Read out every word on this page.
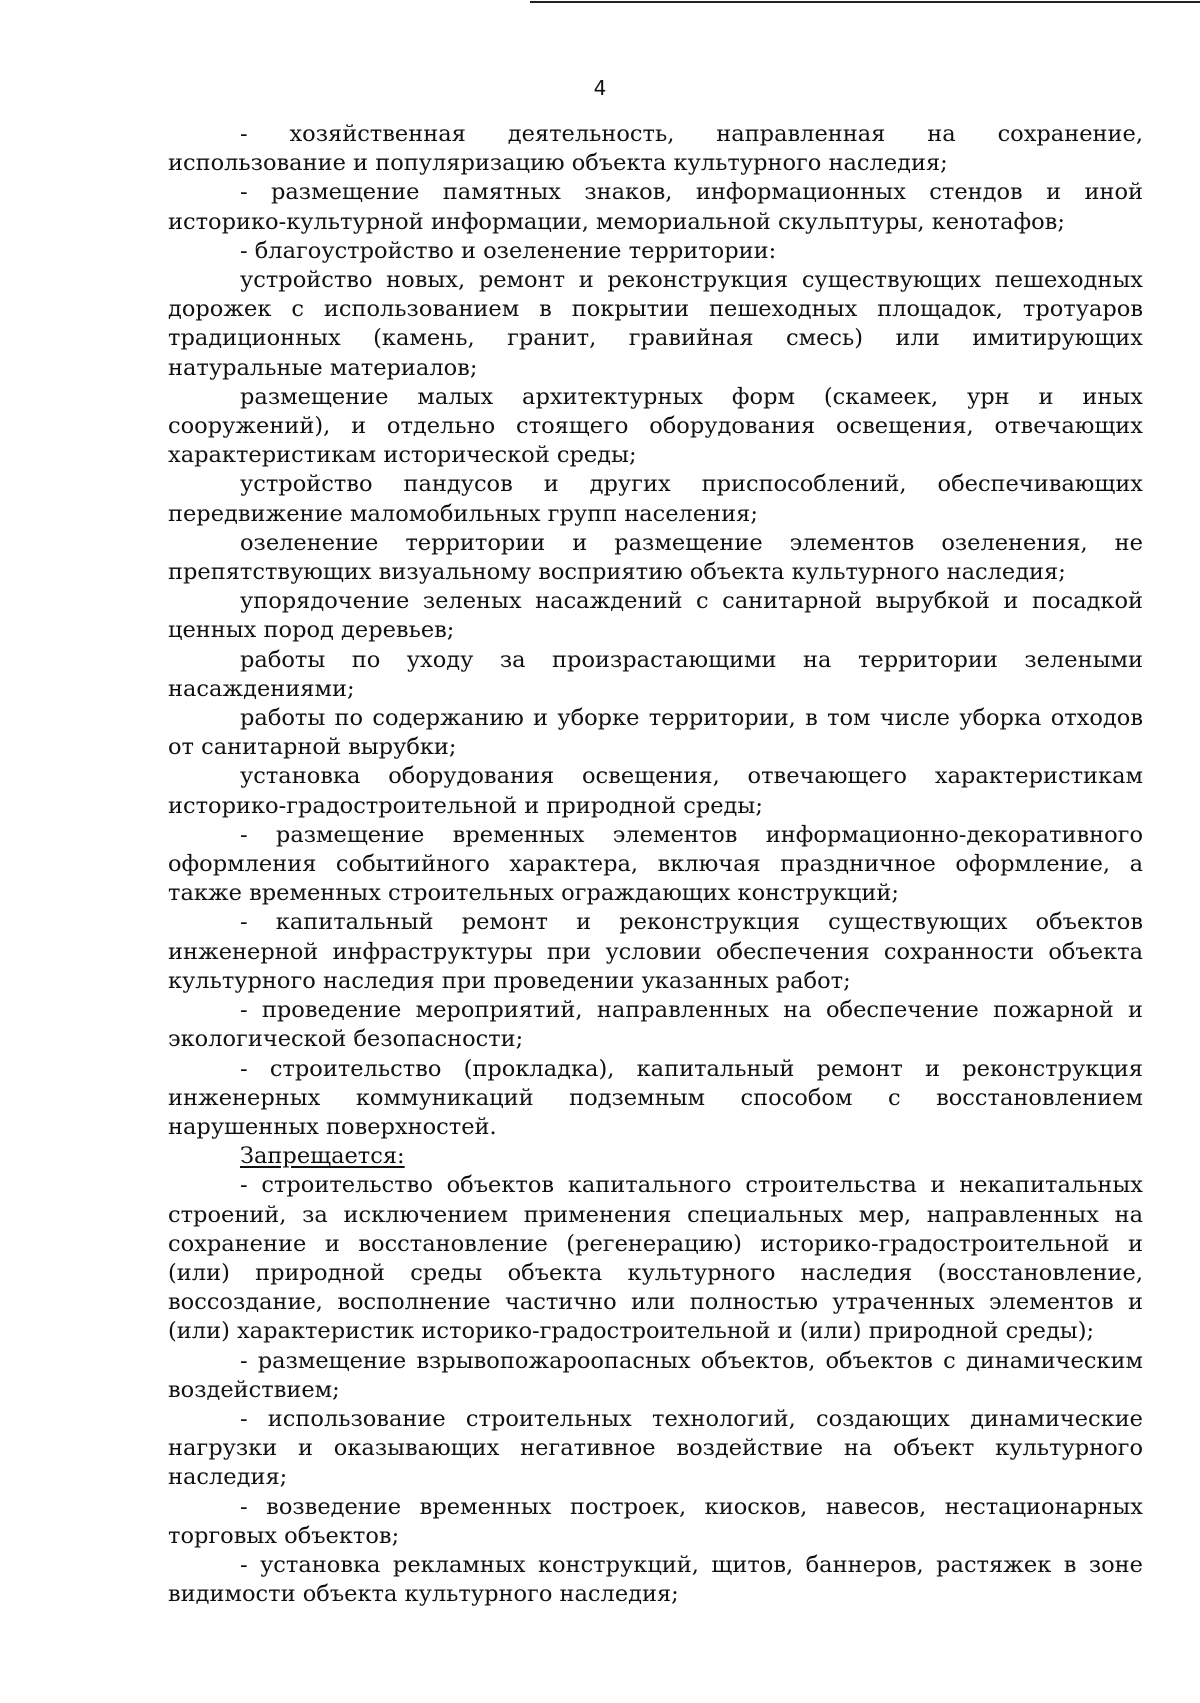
4

- хозяйственная деятельность, направленная на сохранение, использование и популяризацию объекта культурного наследия;

- размещение памятных знаков, информационных стендов и иной историко-культурной информации, мемориальной скульптуры, кенотафов;

- благоустройство и озеленение территории:

устройство новых, ремонт и реконструкция существующих пешеходных дорожек с использованием в покрытии пешеходных площадок, тротуаров традиционных (камень, гранит, гравийная смесь) или имитирующих натуральные материалов;

размещение малых архитектурных форм (скамеек, урн и иных сооружений), и отдельно стоящего оборудования освещения, отвечающих характеристикам исторической среды;

устройство пандусов и других приспособлений, обеспечивающих передвижение маломобильных групп населения;

озеленение территории и размещение элементов озеленения, не препятствующих визуальному восприятию объекта культурного наследия;

упорядочение зеленых насаждений с санитарной вырубкой и посадкой ценных пород деревьев;

работы по уходу за произрастающими на территории зелеными насаждениями;

работы по содержанию и уборке территории, в том числе уборка отходов от санитарной вырубки;

установка оборудования освещения, отвечающего характеристикам историко-градостроительной и природной среды;

- размещение временных элементов информационно-декоративного оформления событийного характера, включая праздничное оформление, а также временных строительных ограждающих конструкций;

- капитальный ремонт и реконструкция существующих объектов инженерной инфраструктуры при условии обеспечения сохранности объекта культурного наследия при проведении указанных работ;

- проведение мероприятий, направленных на обеспечение пожарной и экологической безопасности;

- строительство (прокладка), капитальный ремонт и реконструкция инженерных коммуникаций подземным способом с восстановлением нарушенных поверхностей.

Запрещается:

- строительство объектов капитального строительства и некапитальных строений, за исключением применения специальных мер, направленных на сохранение и восстановление (регенерацию) историко-градостроительной и (или) природной среды объекта культурного наследия (восстановление, воссоздание, восполнение частично или полностью утраченных элементов и (или) характеристик историко-градостроительной и (или) природной среды);

- размещение взрывопожароопасных объектов, объектов с динамическим воздействием;

- использование строительных технологий, создающих динамические нагрузки и оказывающих негативное воздействие на объект культурного наследия;

- возведение временных построек, киосков, навесов, нестационарных торговых объектов;

- установка рекламных конструкций, щитов, баннеров, растяжек в зоне видимости объекта культурного наследия;
